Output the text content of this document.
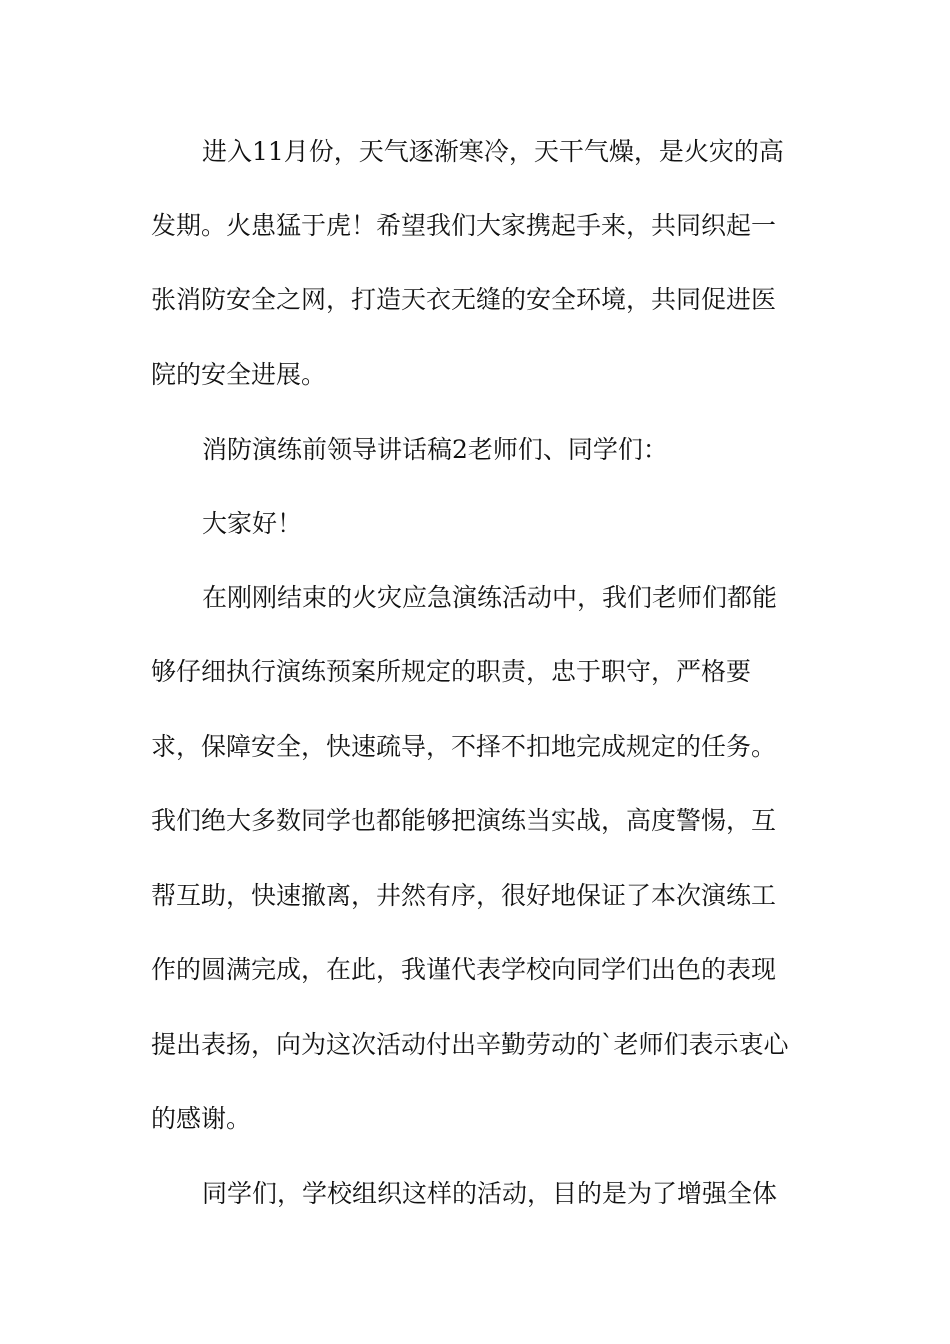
进入11月份，天气逐渐寒冷，天干气燥，是火灾的高
发期。火患猛于虎！希望我们大家携起手来，共同织起一
张消防安全之网，打造天衣无缝的安全环境，共同促进医
院的安全进展。
消防演练前领导讲话稿2老师们、同学们：
大家好！
在刚刚结束的火灾应急演练活动中，我们老师们都能
够仔细执行演练预案所规定的职责，忠于职守，严格要
求，保障安全，快速疏导，不择不扣地完成规定的任务。
我们绝大多数同学也都能够把演练当实战，高度警惕，互
帮互助，快速撤离，井然有序，很好地保证了本次演练工
作的圆满完成，在此，我谨代表学校向同学们出色的表现
提出表扬，向为这次活动付出辛勤劳动的`老师们表示衷心
的感谢。
同学们，学校组织这样的活动，目的是为了增强全体
